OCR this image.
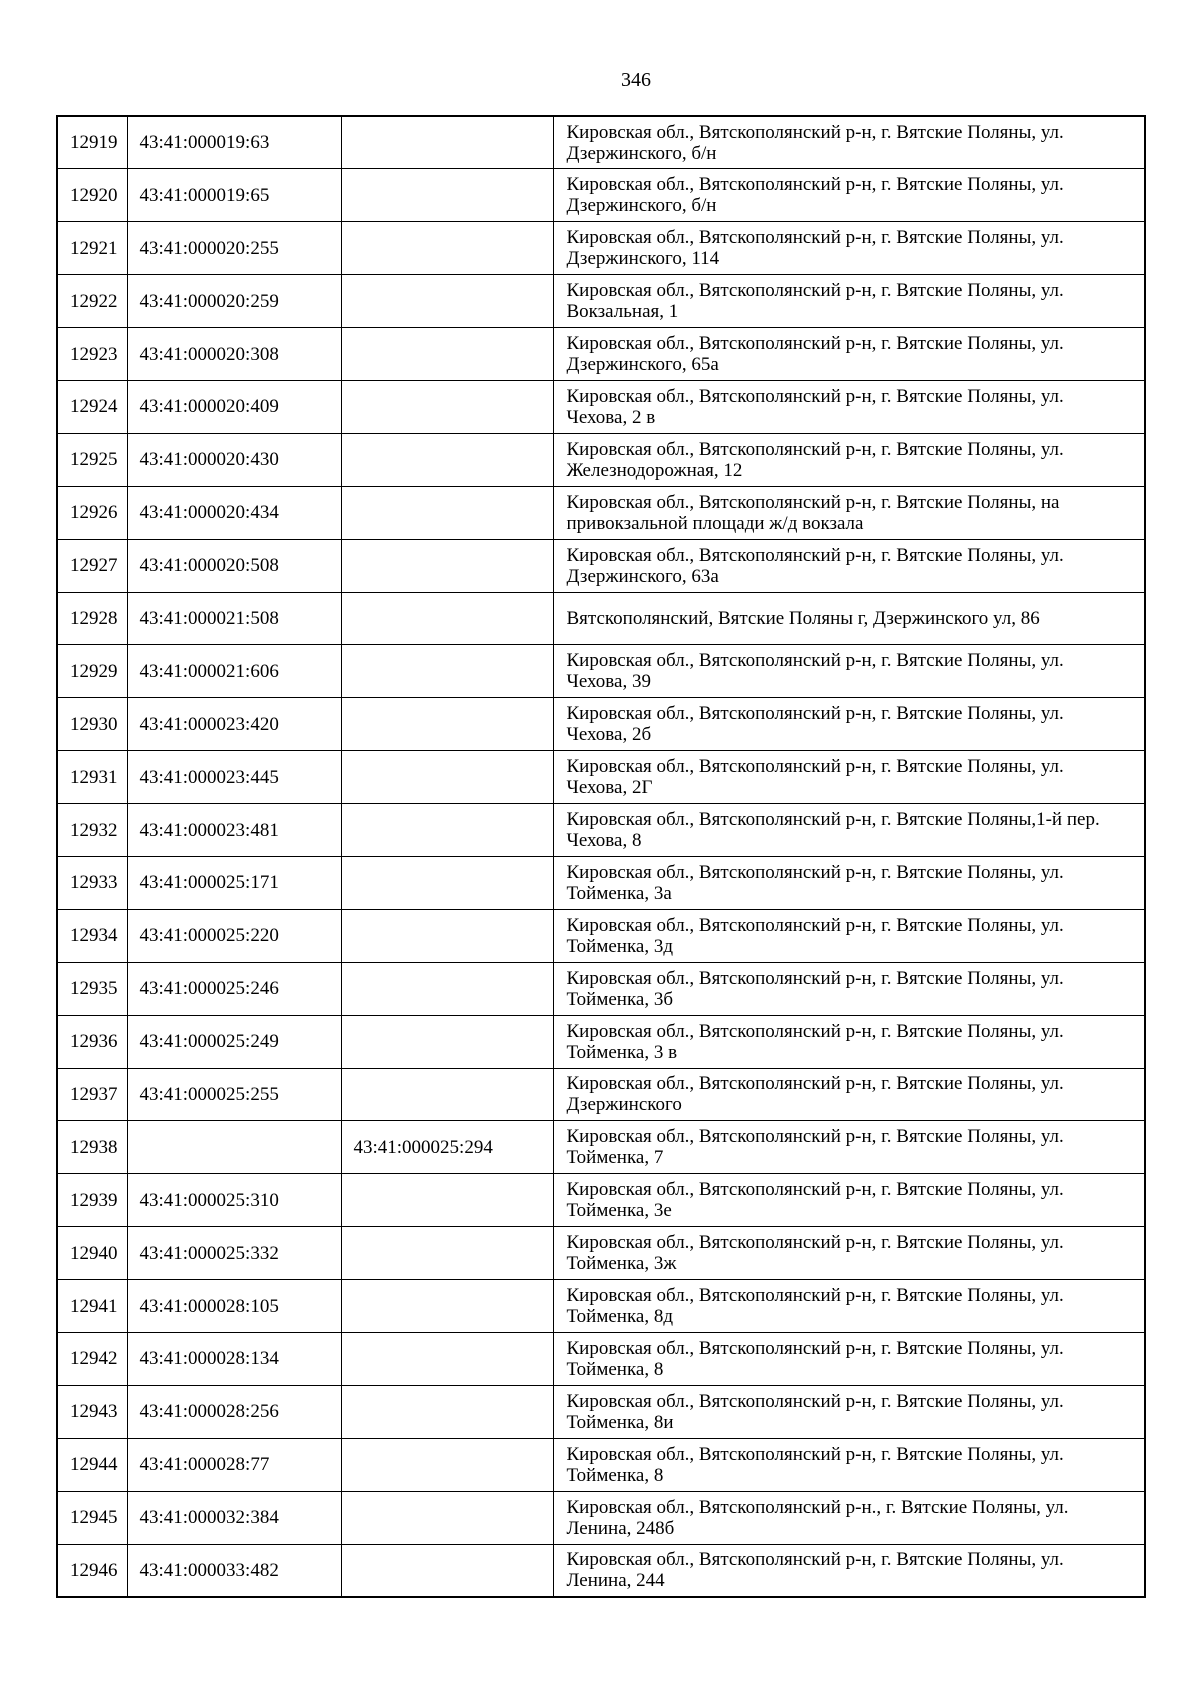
346
12919	43:41:000019:63		Кировская обл., Вятскополянский р-н, г. Вятские Поляны, ул. Дзержинского, б/н
12920	43:41:000019:65		Кировская обл., Вятскополянский р-н, г. Вятские Поляны, ул. Дзержинского, б/н
12921	43:41:000020:255		Кировская обл., Вятскополянский р-н, г. Вятские Поляны, ул. Дзержинского, 114
12922	43:41:000020:259		Кировская обл., Вятскополянский р-н, г. Вятские Поляны, ул. Вокзальная, 1
12923	43:41:000020:308		Кировская обл., Вятскополянский р-н, г. Вятские Поляны, ул. Дзержинского, 65а
12924	43:41:000020:409		Кировская обл., Вятскополянский р-н, г. Вятские Поляны, ул. Чехова, 2 в
12925	43:41:000020:430		Кировская обл., Вятскополянский р-н, г. Вятские Поляны, ул. Железнодорожная, 12
12926	43:41:000020:434		Кировская обл., Вятскополянский р-н, г. Вятские Поляны, на привокзальной площади ж/д вокзала
12927	43:41:000020:508		Кировская обл., Вятскополянский р-н, г. Вятские Поляны, ул. Дзержинского, 63а
12928	43:41:000021:508		Вятскополянский, Вятские Поляны г, Дзержинского ул, 86
12929	43:41:000021:606		Кировская обл., Вятскополянский р-н, г. Вятские Поляны, ул. Чехова, 39
12930	43:41:000023:420		Кировская обл., Вятскополянский р-н, г. Вятские Поляны, ул. Чехова, 2б
12931	43:41:000023:445		Кировская обл., Вятскополянский р-н, г. Вятские Поляны, ул. Чехова, 2Г
12932	43:41:000023:481		Кировская обл., Вятскополянский р-н, г. Вятские Поляны,1-й пер. Чехова, 8
12933	43:41:000025:171		Кировская обл., Вятскополянский р-н, г. Вятские Поляны, ул. Тойменка, 3а
12934	43:41:000025:220		Кировская обл., Вятскополянский р-н, г. Вятские Поляны, ул. Тойменка, 3д
12935	43:41:000025:246		Кировская обл., Вятскополянский р-н, г. Вятские Поляны, ул. Тойменка, 3б
12936	43:41:000025:249		Кировская обл., Вятскополянский р-н, г. Вятские Поляны, ул. Тойменка, 3 в
12937	43:41:000025:255		Кировская обл., Вятскополянский р-н, г. Вятские Поляны, ул. Дзержинского
12938		43:41:000025:294	Кировская обл., Вятскополянский р-н, г. Вятские Поляны, ул. Тойменка, 7
12939	43:41:000025:310		Кировская обл., Вятскополянский р-н, г. Вятские Поляны, ул. Тойменка, 3е
12940	43:41:000025:332		Кировская обл., Вятскополянский р-н, г. Вятские Поляны, ул. Тойменка, 3ж
12941	43:41:000028:105		Кировская обл., Вятскополянский р-н, г. Вятские Поляны, ул. Тойменка, 8д
12942	43:41:000028:134		Кировская обл., Вятскополянский р-н, г. Вятские Поляны, ул. Тойменка, 8
12943	43:41:000028:256		Кировская обл., Вятскополянский р-н, г. Вятские Поляны, ул. Тойменка, 8и
12944	43:41:000028:77		Кировская обл., Вятскополянский р-н, г. Вятские Поляны, ул. Тойменка, 8
12945	43:41:000032:384		Кировская обл., Вятскополянский р-н., г. Вятские Поляны, ул. Ленина, 248б
12946	43:41:000033:482		Кировская обл., Вятскополянский р-н, г. Вятские Поляны, ул. Ленина, 244
